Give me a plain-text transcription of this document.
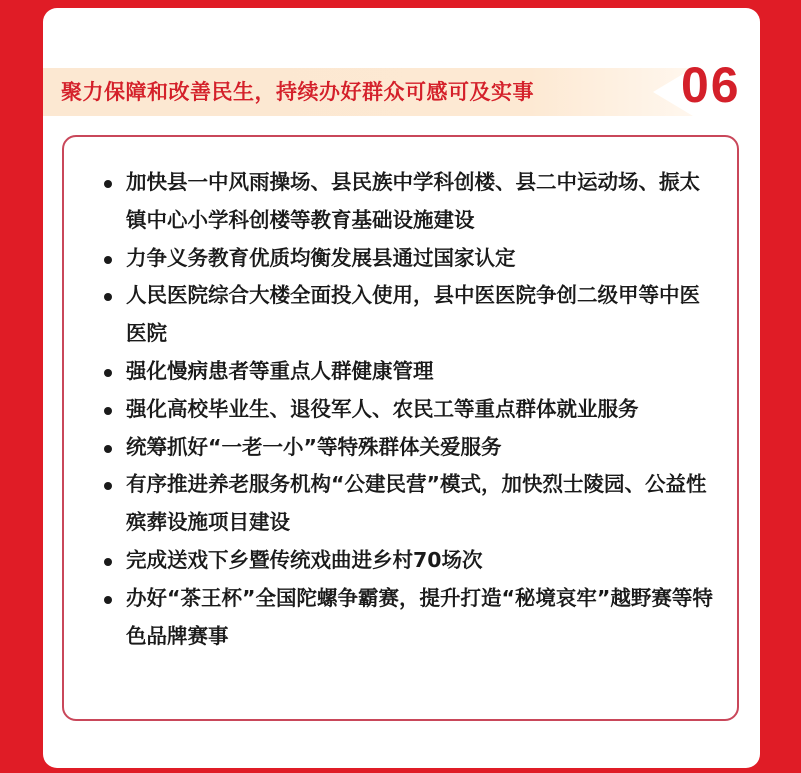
聚力保障和改善民生，持续办好群众可感可及实事	06
加快县一中风雨操场、县民族中学科创楼、县二中运动场、振太镇中心小学科创楼等教育基础设施建设
力争义务教育优质均衡发展县通过国家认定
人民医院综合大楼全面投入使用，县中医医院争创二级甲等中医医院
强化慢病患者等重点人群健康管理
强化高校毕业生、退役军人、农民工等重点群体就业服务
统筹抓好“一老一小”等特殊群体关爱服务
有序推进养老服务机构“公建民营”模式，加快烈士陵园、公益性殡葬设施项目建设
完成送戏下乡暨传统戏曲进乡村70场次
办好“茶王杯”全国陀螺争霸赛，提升打造“秘境哀牢”越野赛等特色品牌赛事
